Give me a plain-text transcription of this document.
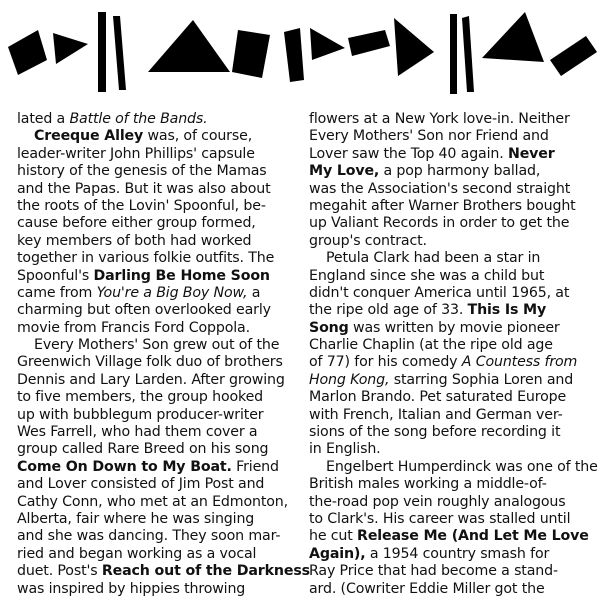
lated a Battle of the Bands.
Creeque Alley was, of course,
leader-writer John Phillips' capsule
history of the genesis of the Mamas
and the Papas. But it was also about
the roots of the Lovin' Spoonful, be-
cause before either group formed,
key members of both had worked
together in various folkie outfits. The
Spoonful's Darling Be Home Soon
came from You're a Big Boy Now, a
charming but often overlooked early
movie from Francis Ford Coppola.
Every Mothers' Son grew out of the
Greenwich Village folk duo of brothers
Dennis and Lary Larden. After growing
to five members, the group hooked
up with bubblegum producer-writer
Wes Farrell, who had them cover a
group called Rare Breed on his song
Come On Down to My Boat. Friend
and Lover consisted of Jim Post and
Cathy Conn, who met at an Edmonton,
Alberta, fair where he was singing
and she was dancing. They soon mar-
ried and began working as a vocal
duet. Post's Reach out of the Darkness
was inspired by hippies throwing
flowers at a New York love-in. Neither
Every Mothers' Son nor Friend and
Lover saw the Top 40 again. Never
My Love, a pop harmony ballad,
was the Association's second straight
megahit after Warner Brothers bought
up Valiant Records in order to get the
group's contract.
Petula Clark had been a star in
England since she was a child but
didn't conquer America until 1965, at
the ripe old age of 33. This Is My
Song was written by movie pioneer
Charlie Chaplin (at the ripe old age
of 77) for his comedy A Countess from
Hong Kong, starring Sophia Loren and
Marlon Brando. Pet saturated Europe
with French, Italian and German ver-
sions of the song before recording it
in English.
Engelbert Humperdinck was one of the
British males working a middle-of-
the-road pop vein roughly analogous
to Clark's. His career was stalled until
he cut Release Me (And Let Me Love
Again), a 1954 country smash for
Ray Price that had become a stand-
ard. (Cowriter Eddie Miller got the
